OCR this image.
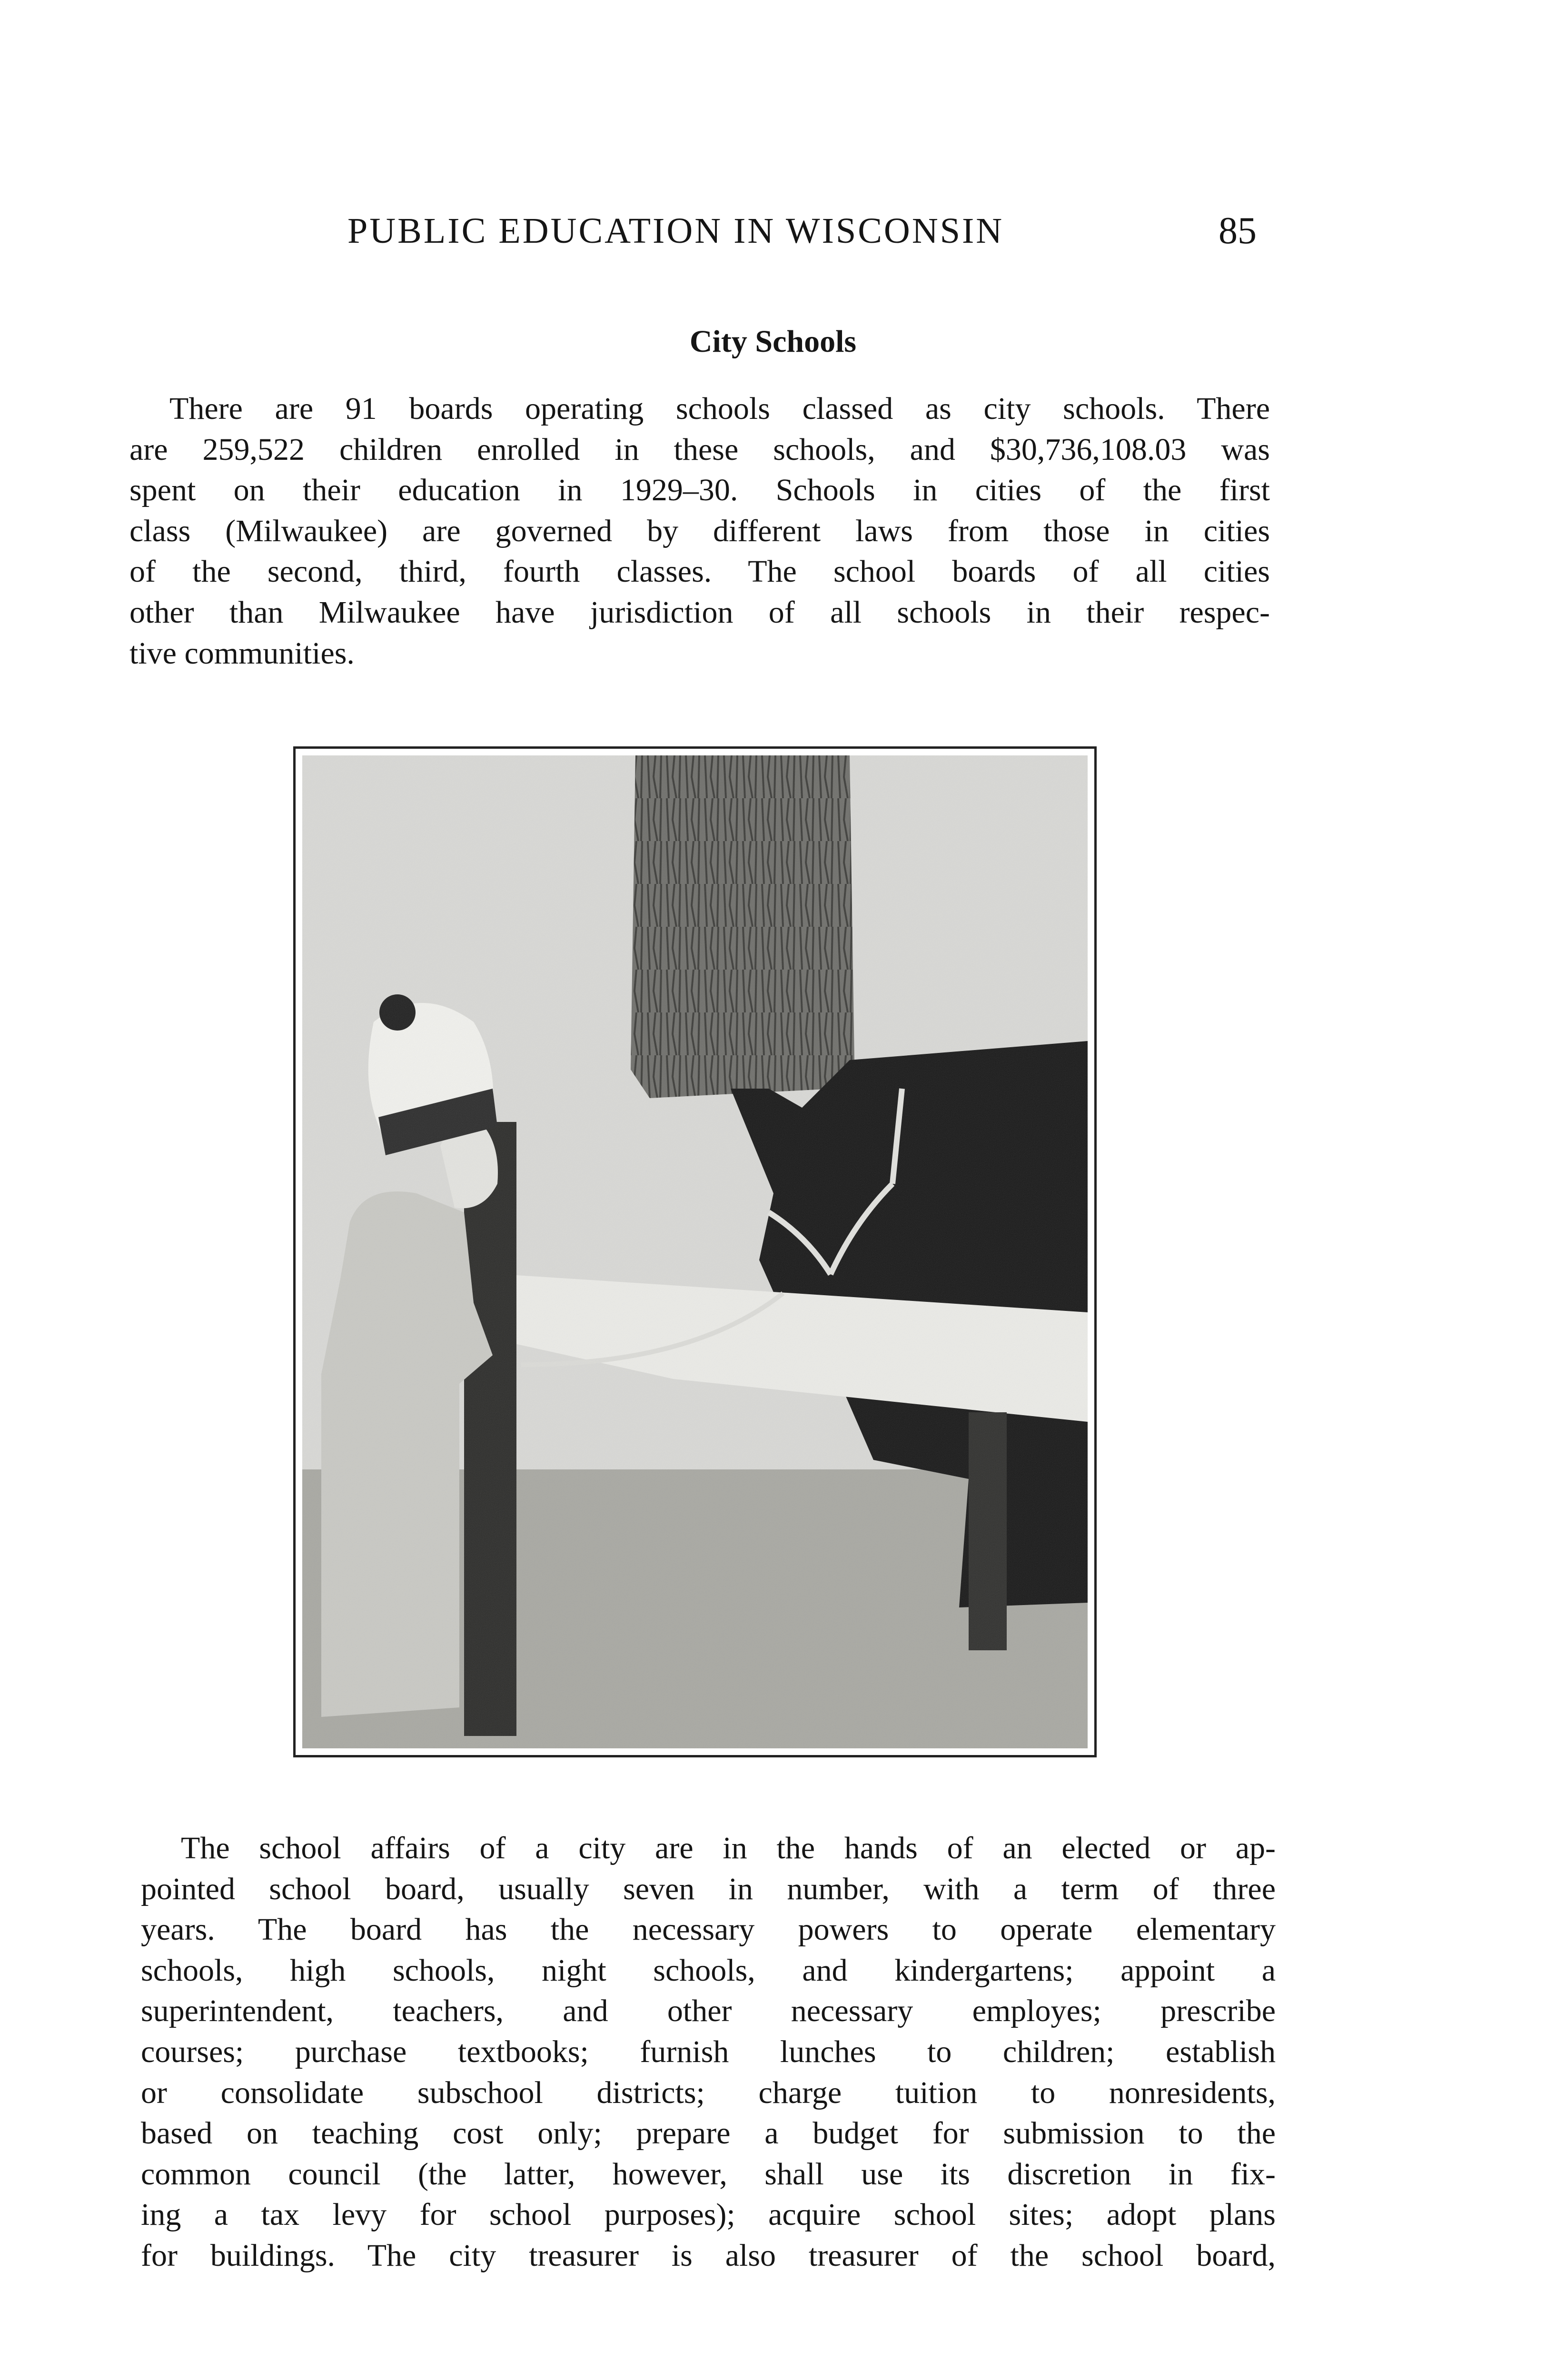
PUBLIC EDUCATION IN WISCONSIN	85
City Schools
There are 91 boards operating schools classed as city schools. There
are 259,522 children enrolled in these schools, and $30,736,108.03 was
spent on their education in 1929–30. Schools in cities of the first
class (Milwaukee) are governed by different laws from those in cities
of the second, third, fourth classes. The school boards of all cities
other than Milwaukee have jurisdiction of all schools in their respec-
tive communities.
The school affairs of a city are in the hands of an elected or ap-
pointed school board, usually seven in number, with a term of three
years. The board has the necessary powers to operate elementary
schools, high schools, night schools, and kindergartens; appoint a
superintendent, teachers, and other necessary employes; prescribe
courses; purchase textbooks; furnish lunches to children; establish
or consolidate subschool districts; charge tuition to nonresidents,
based on teaching cost only; prepare a budget for submission to the
common council (the latter, however, shall use its discretion in fix-
ing a tax levy for school purposes); acquire school sites; adopt plans
for buildings. The city treasurer is also treasurer of the school board,
